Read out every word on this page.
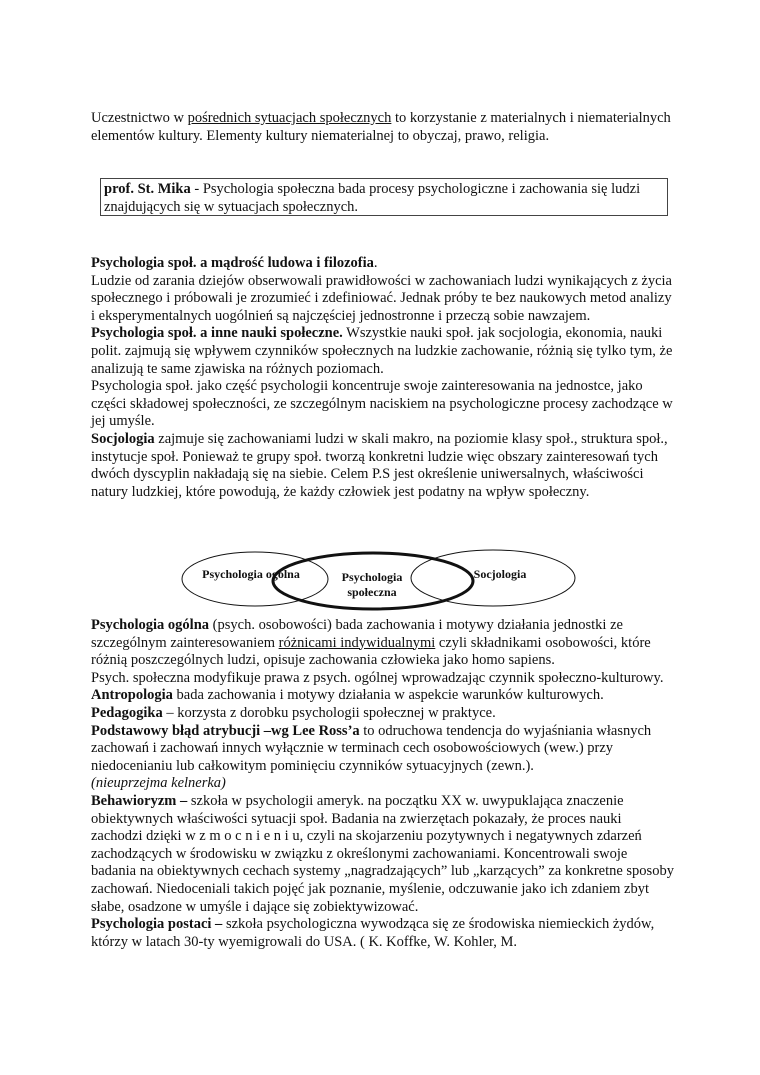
Uczestnictwo w pośrednich sytuacjach społecznych to korzystanie z materialnych i niematerialnych elementów kultury. Elementy kultury niematerialnej to obyczaj, prawo, religia.

prof. St. Mika - Psychologia społeczna bada procesy psychologiczne i zachowania się ludzi znajdujących się w sytuacjach społecznych.

Psychologia społ. a mądrość ludowa i filozofia.
Ludzie od zarania dziejów obserwowali prawidłowości w zachowaniach ludzi wynikających z życia społecznego i próbowali je zrozumieć i zdefiniować. Jednak próby te bez naukowych metod analizy i eksperymentalnych uogólnień są najczęściej jednostronne i przeczą sobie nawzajem.

Psychologia społ. a inne nauki społeczne. Wszystkie nauki społ. jak socjologia, ekonomia, nauki polit. zajmują się wpływem czynników społecznych na ludzkie zachowanie, różnią się tylko tym, że analizują te same zjawiska na różnych poziomach.

Psychologia społ. jako część psychologii koncentruje swoje zainteresowania na jednostce, jako części składowej społeczności, ze szczególnym naciskiem na psychologiczne procesy zachodzące w jej umyśle.

Socjologia zajmuje się zachowaniami ludzi w skali makro, na poziomie klasy społ., struktura społ., instytucje społ. Ponieważ te grupy społ. tworzą konkretni ludzie więc obszary zainteresowań tych dwóch dyscyplin nakładają się na siebie. Celem P.S jest określenie uniwersalnych, właściwości natury ludzkiej, które powodują, że każdy człowiek jest podatny na wpływ społeczny.

Psychologia ogólna	Psychologia
społeczna
Socjologia

Psychologia ogólna (psych. osobowości) bada zachowania i motywy działania jednostki ze szczególnym zainteresowaniem różnicami indywidualnymi czyli składnikami osobowości, które różnią poszczególnych ludzi, opisuje zachowania człowieka jako homo sapiens.

Psych. społeczna modyfikuje prawa z psych. ogólnej wprowadzając czynnik społeczno-kulturowy.

Antropologia bada zachowania i motywy działania w aspekcie warunków kulturowych.

Pedagogika – korzysta z dorobku psychologii społecznej w praktyce.

Podstawowy błąd atrybucji –wg Lee Ross’a to odruchowa tendencja do wyjaśniania własnych zachowań i zachowań innych wyłącznie w terminach cech osobowościowych (wew.) przy niedocenianiu lub całkowitym pominięciu czynników sytuacyjnych (zewn.).
(nieuprzejma kelnerka)

Behawioryzm – szkoła w psychologii ameryk. na początku XX w. uwypuklająca znaczenie obiektywnych właściwości sytuacji społ. Badania na zwierzętach pokazały, że proces nauki zachodzi dzięki w z m o c n i e n i u, czyli na skojarzeniu pozytywnych i negatywnych zdarzeń zachodzących w środowisku w związku z określonymi zachowaniami. Koncentrowali swoje badania na obiektywnych cechach systemy „nagradzających” lub „karzących” za konkretne sposoby zachowań. Niedoceniali takich pojęć jak poznanie, myślenie, odczuwanie jako ich zdaniem zbyt słabe, osadzone w umyśle i dające się zobiektywizować.

Psychologia postaci – szkoła psychologiczna wywodząca się ze środowiska niemieckich żydów, którzy w latach 30-ty wyemigrowali do USA. ( K. Koffke, W. Kohler, M.
